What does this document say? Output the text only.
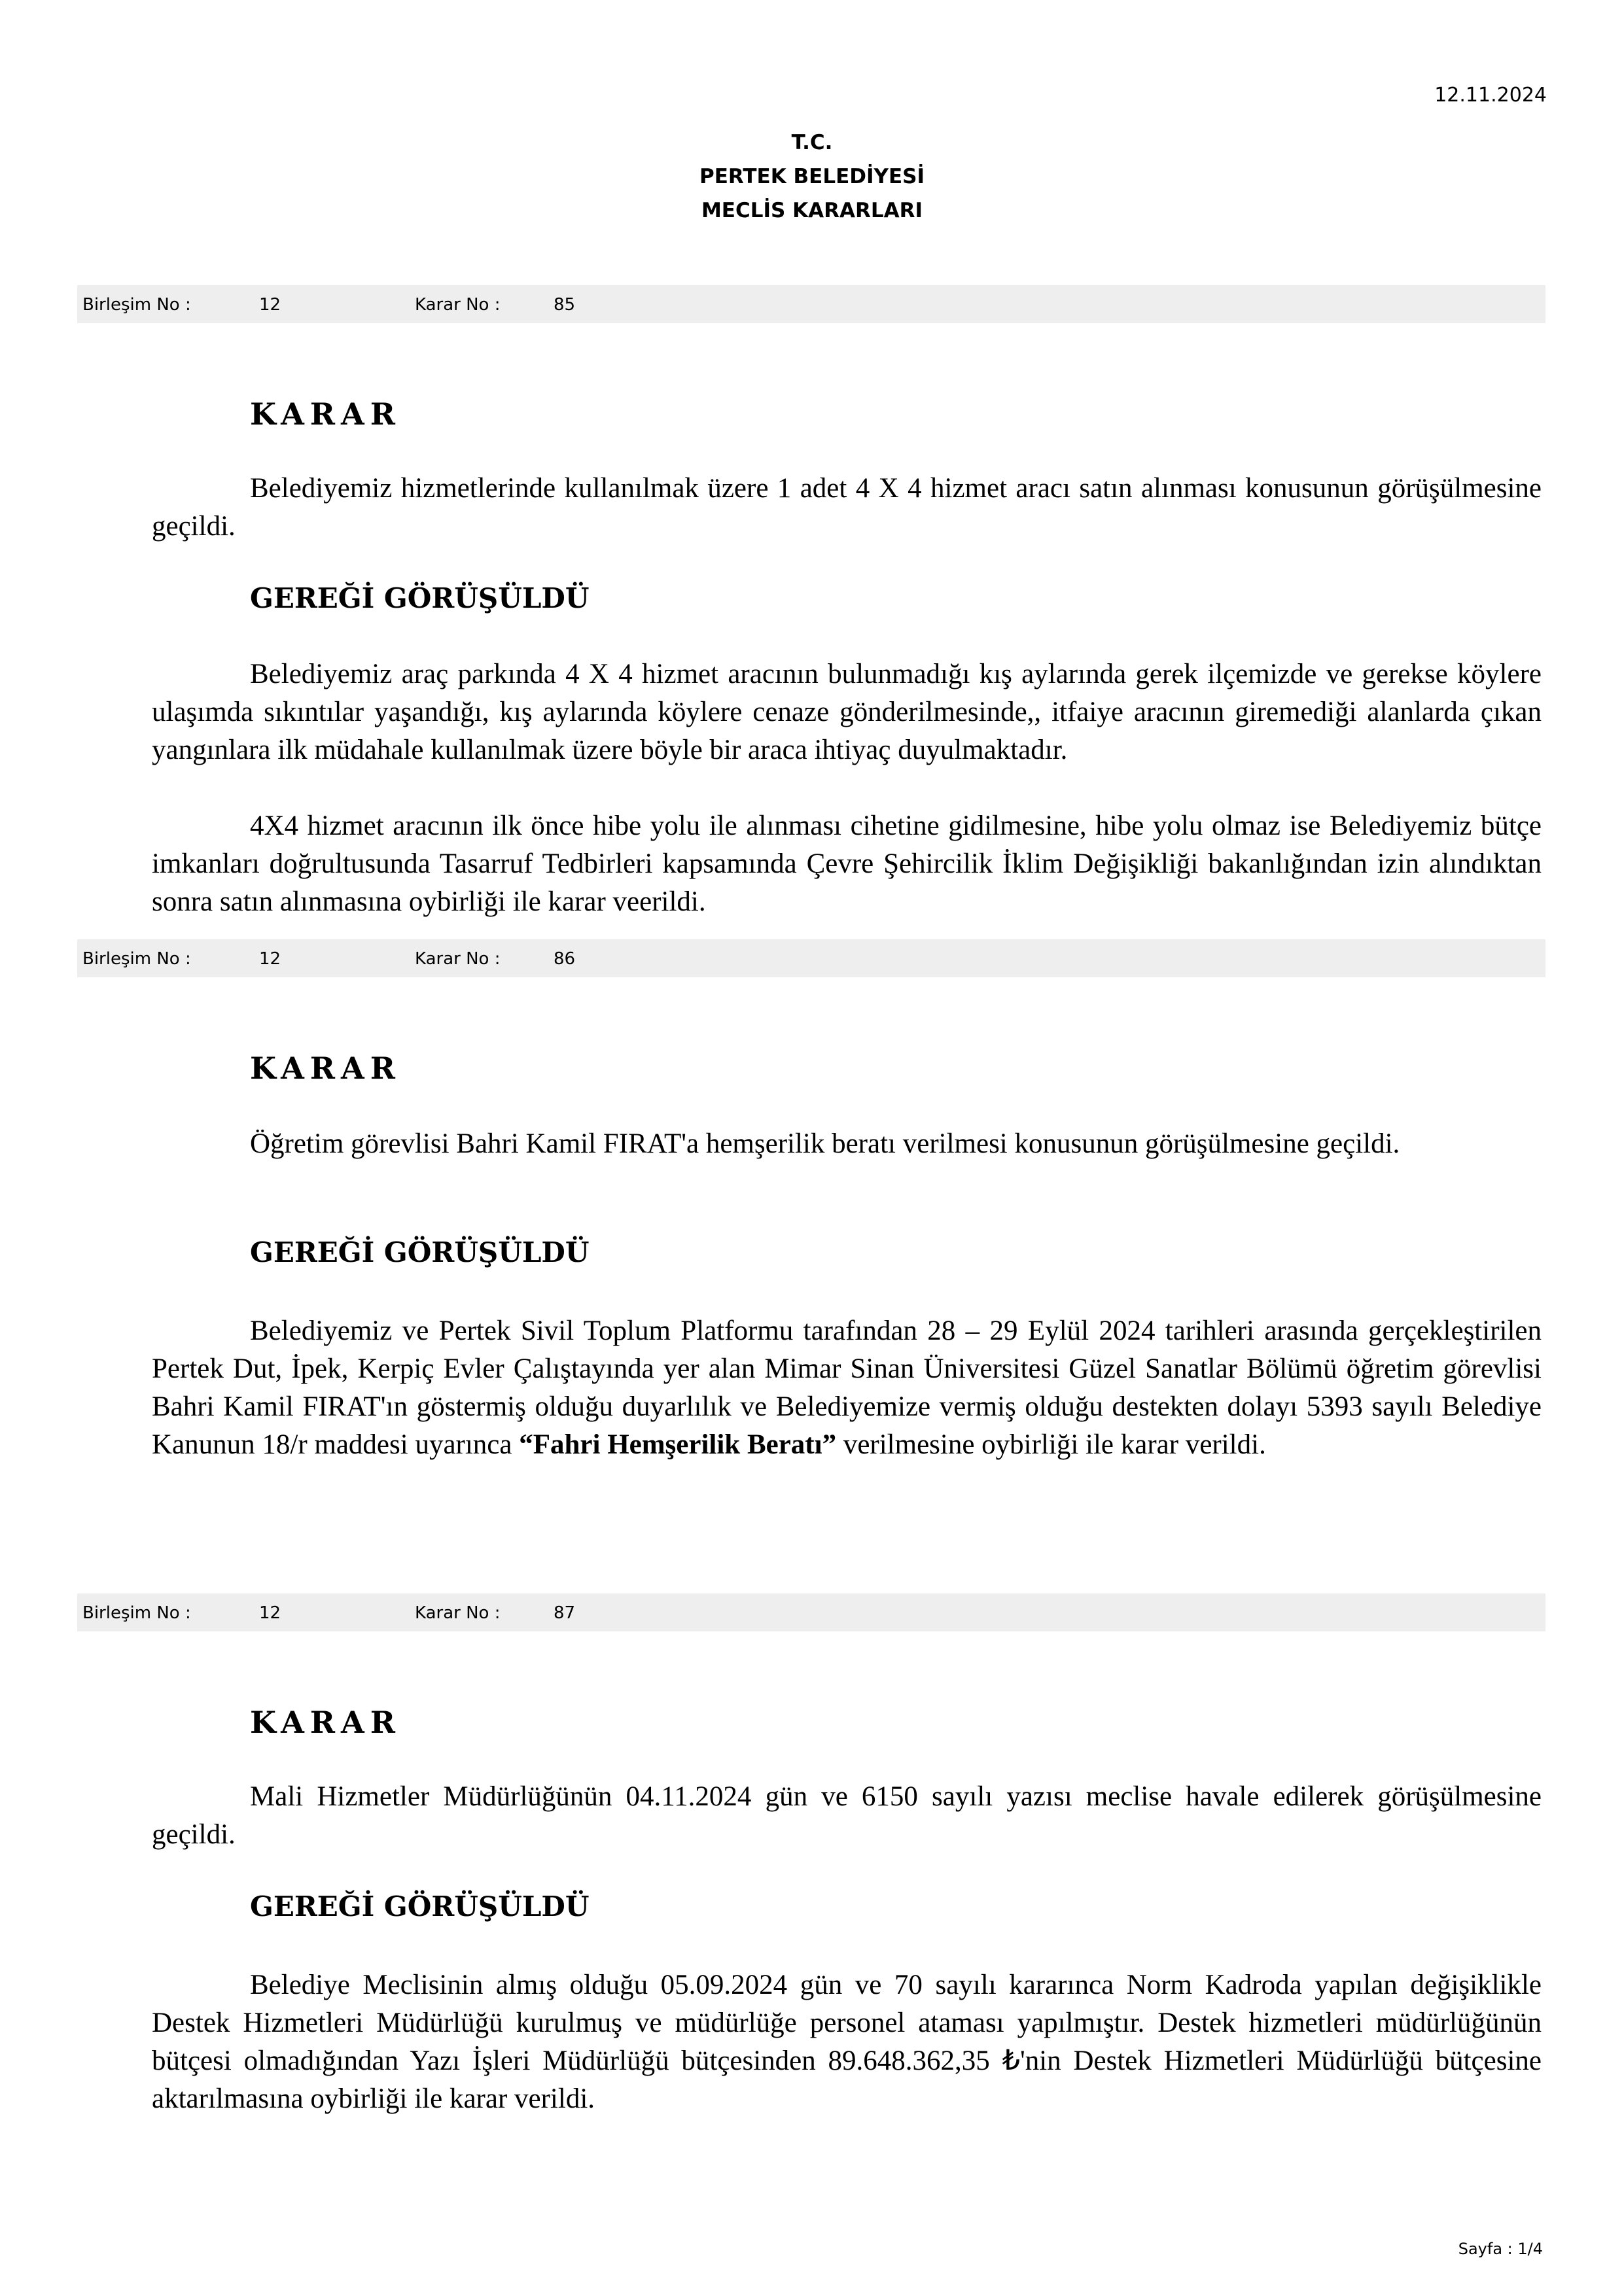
12.11.2024
T.C.
PERTEK BELEDİYESİ
MECLİS KARARLARI
Birleşim No :	12	Karar No :	85
KARAR

Belediyemiz hizmetlerinde kullanılmak üzere 1 adet 4 X 4 hizmet aracı satın alınması konusunun görüşülmesine geçildi.

GEREĞİ GÖRÜŞÜLDÜ

Belediyemiz araç parkında 4 X 4 hizmet aracının bulunmadığı kış aylarında gerek ilçemizde ve gerekse köylere ulaşımda sıkıntılar yaşandığı, kış aylarında köylere cenaze gönderilmesinde,, itfaiye aracının giremediği alanlarda çıkan yangınlara ilk müdahale kullanılmak üzere böyle bir araca ihtiyaç duyulmaktadır.

4X4 hizmet aracının ilk önce hibe yolu ile alınması cihetine gidilmesine, hibe yolu olmaz ise Belediyemiz bütçe imkanları doğrultusunda Tasarruf Tedbirleri kapsamında Çevre Şehircilik İklim Değişikliği bakanlığından izin alındıktan sonra satın alınmasına oybirliği ile karar veerildi.

Birleşim No :	12	Karar No :	86
KARAR

Öğretim görevlisi Bahri Kamil FIRAT'a hemşerilik beratı verilmesi konusunun görüşülmesine geçildi.

GEREĞİ GÖRÜŞÜLDÜ

Belediyemiz ve Pertek Sivil Toplum Platformu tarafından 28 – 29 Eylül 2024 tarihleri arasında gerçekleştirilen Pertek Dut, İpek, Kerpiç Evler Çalıştayında yer alan Mimar Sinan Üniversitesi Güzel Sanatlar Bölümü öğretim görevlisi Bahri Kamil FIRAT'ın göstermiş olduğu duyarlılık ve Belediyemize vermiş olduğu destekten dolayı 5393 sayılı Belediye Kanunun 18/r maddesi uyarınca “Fahri Hemşerilik Beratı” verilmesine oybirliği ile karar verildi.

Birleşim No :	12	Karar No :	87
KARAR

Mali Hizmetler Müdürlüğünün 04.11.2024 gün ve 6150 sayılı yazısı meclise havale edilerek görüşülmesine geçildi.

GEREĞİ GÖRÜŞÜLDÜ

Belediye Meclisinin almış olduğu 05.09.2024 gün ve 70 sayılı kararınca Norm Kadroda yapılan değişiklikle Destek Hizmetleri Müdürlüğü kurulmuş ve müdürlüğe personel ataması yapılmıştır. Destek hizmetleri müdürlüğünün bütçesi olmadığından Yazı İşleri Müdürlüğü bütçesinden 89.648.362,35 ₺'nin Destek Hizmetleri Müdürlüğü bütçesine aktarılmasına oybirliği ile karar verildi.

Sayfa : 1/4
